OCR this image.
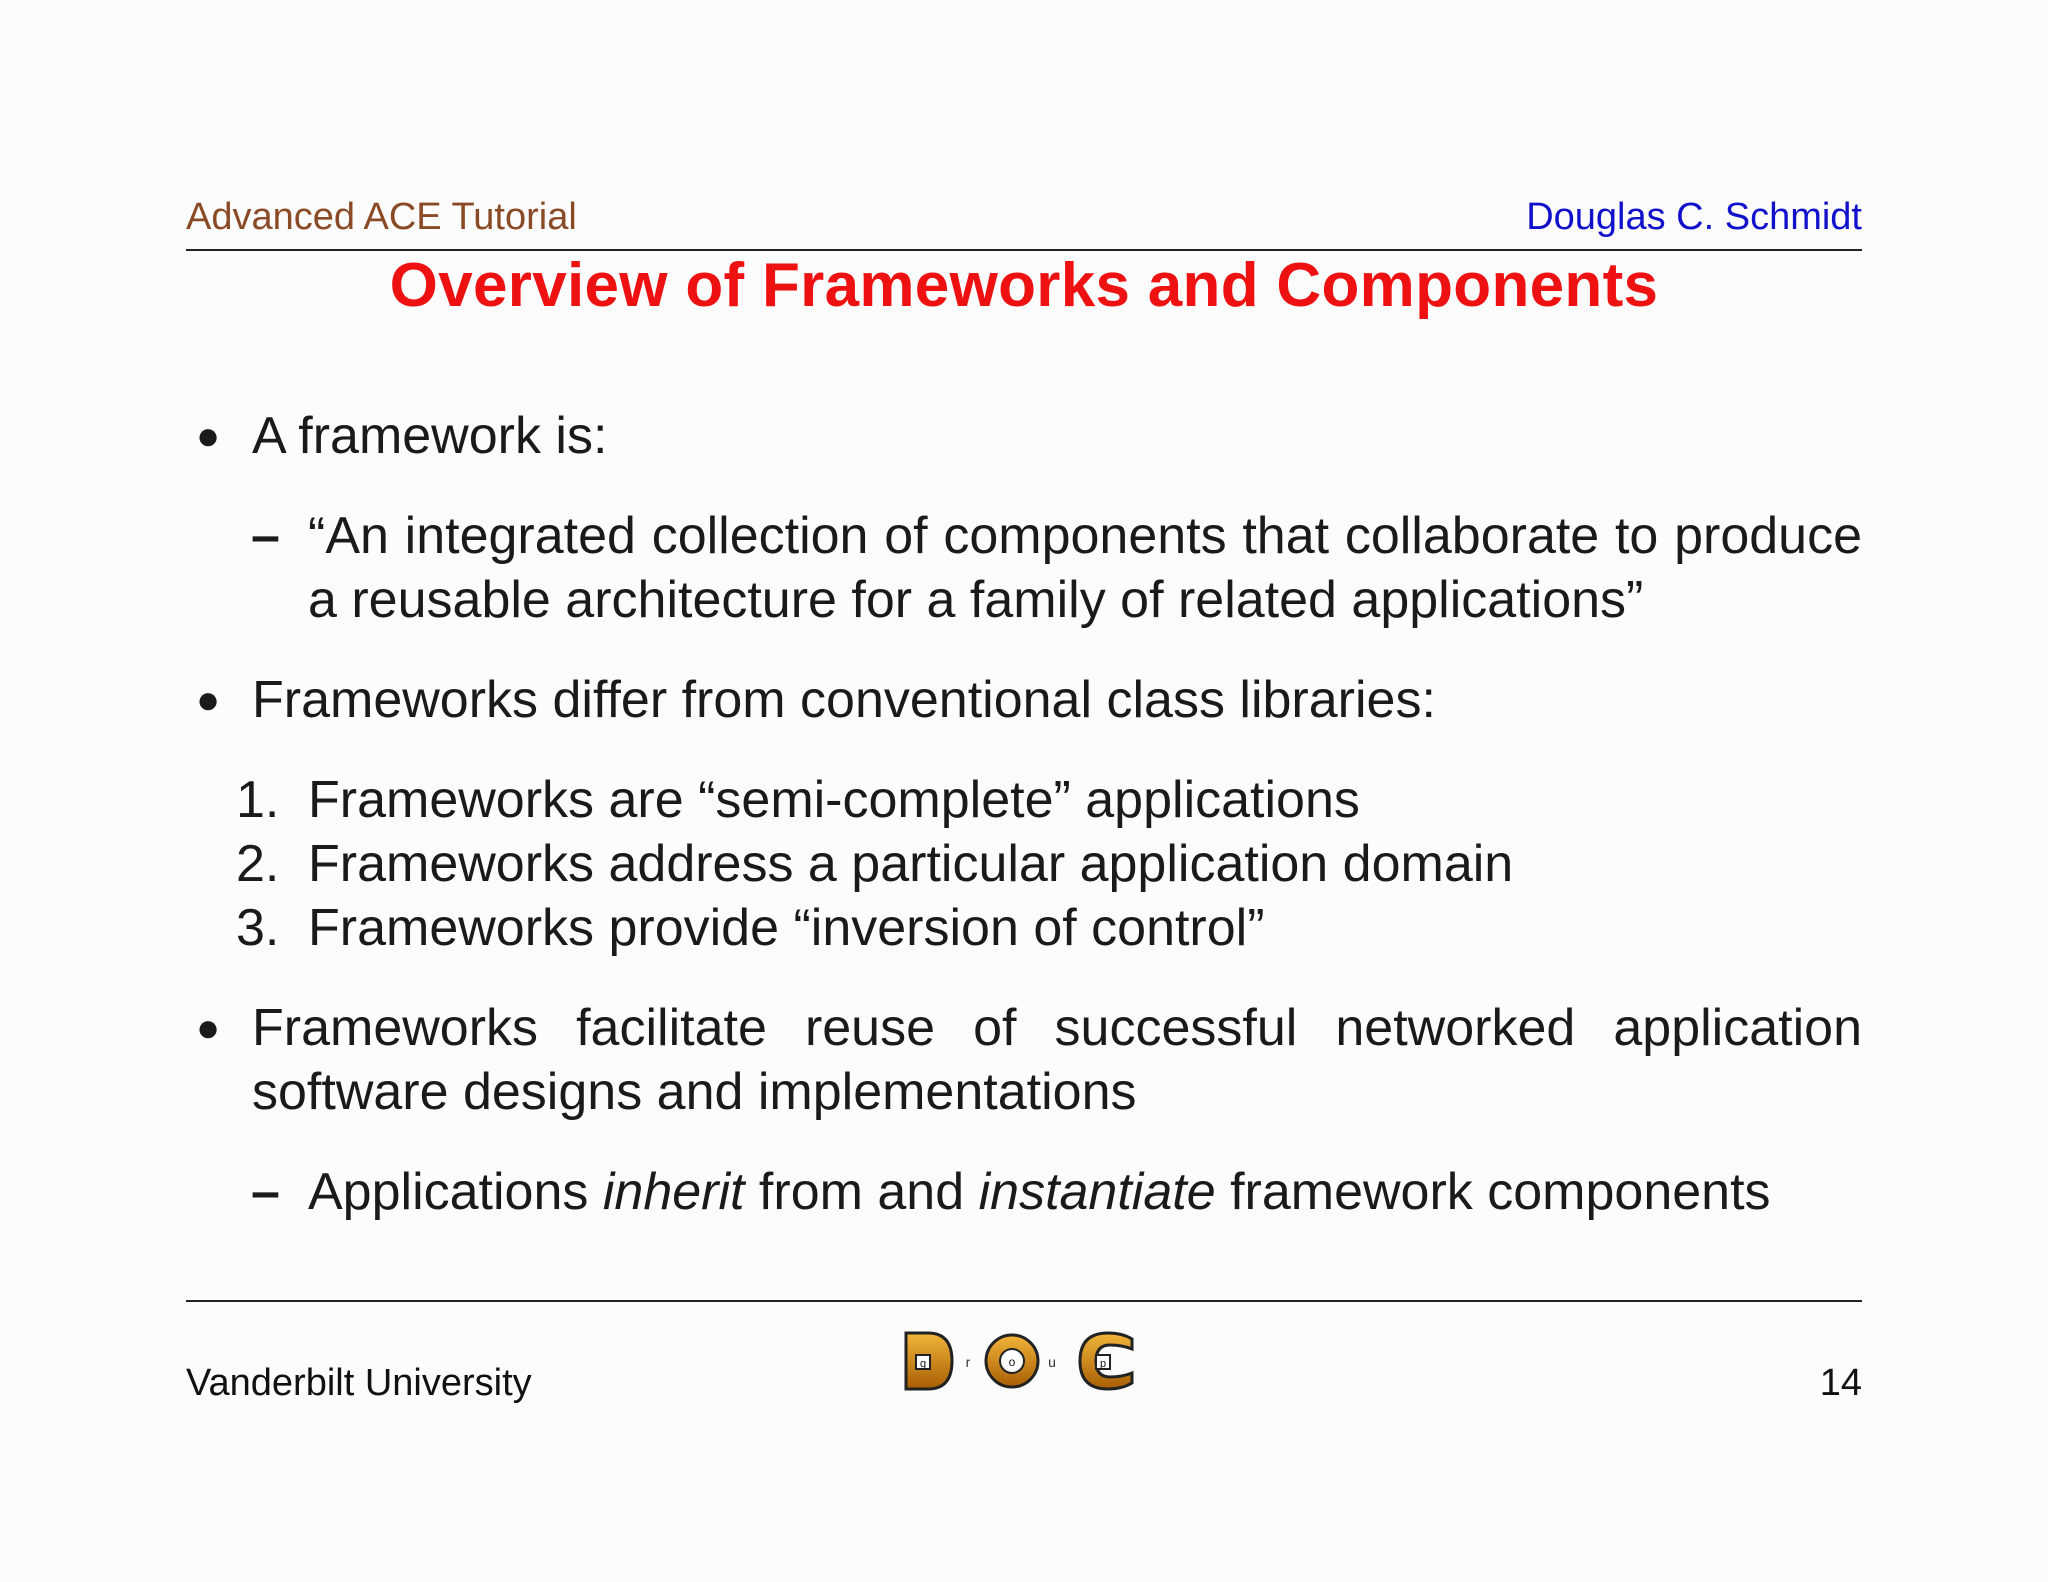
Advanced ACE Tutorial	Douglas C. Schmidt
Overview of Frameworks and Components
● A framework is:
– “An integrated collection of components that collaborate to produce a reusable architecture for a family of related applications”
● Frameworks differ from conventional class libraries:
1. Frameworks are “semi-complete” applications
2. Frameworks address a particular application domain
3. Frameworks provide “inversion of control”
● Frameworks facilitate reuse of successful networked application software designs and implementations
– Applications inherit from and instantiate framework components
Vanderbilt University	g	r	o u	p	14
